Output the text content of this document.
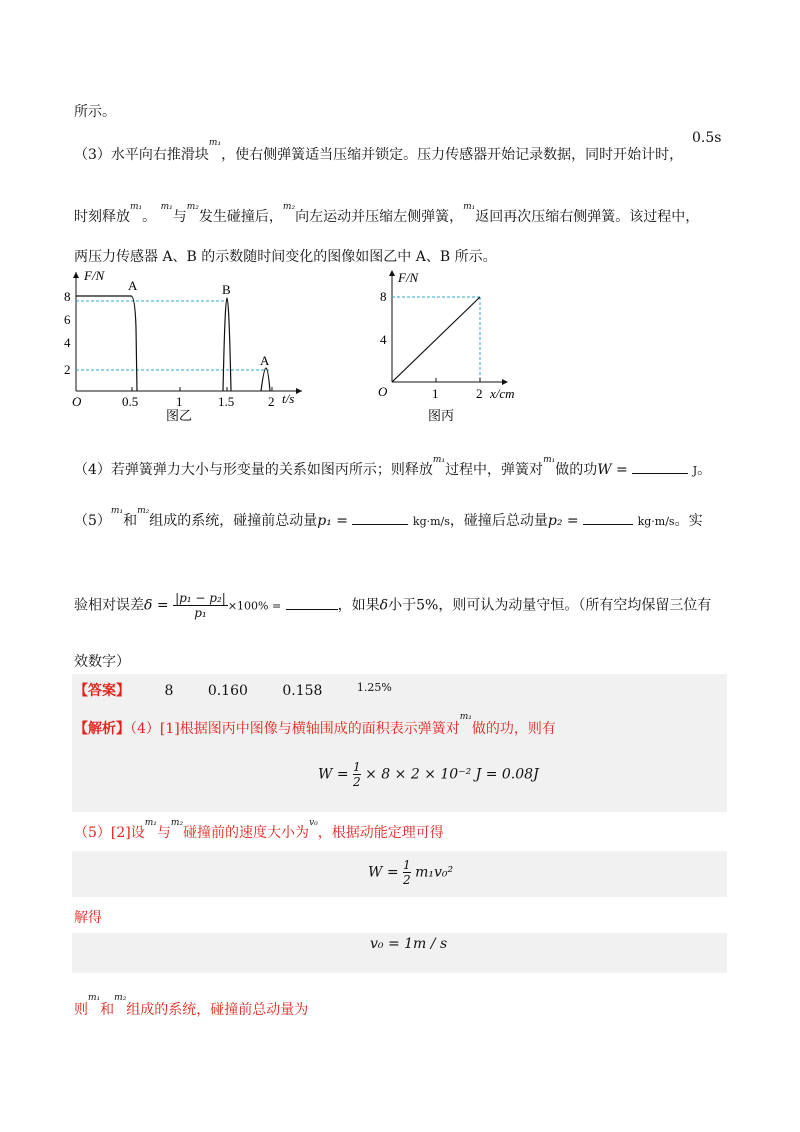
所示。
（3）水平向右推滑块$^{m_1}$，使右侧弹簧适当压缩并锁定。压力传感器开始记录数据，同时开始计时，
0.5s
时刻释放$^{m_1}$。 $^{m_1}$与$^{m_2}$发生碰撞后，$^{m_2}$向左运动并压缩左侧弹簧，$^{m_1}$返回再次压缩右侧弹簧。该过程中，
两压力传感器 A、B 的示数随时间变化的图像如图乙中 A、B 所示。
F/N
2
4
6
8
O	0.5	1	1.5	2 t/s
A	B
A
图乙
F/N
4
8
O	1	2 x/cm
图丙
（4）若弹簧弹力大小与形变量的关系如图丙所示；则释放$^{m_1}$过程中，弹簧对$^{m_1}$做的功W =	J。
$(5)^{m_1}$和$^{m_2}$组成的系统，碰撞前总动量p₁ =	kg·m/s，碰撞后总动量p₂ =	kg·m/s。实
验相对误差$\delta = \frac{\text{|p₁ − p₂|}}{\text{p₁}} \times 100\%$ =	，如果δ小于5%，则可认为动量守恒。（所有空均保留三位有
效数字）
【答案】 8 0.160 0.158	$^{1.25\%}$
【解析】（4）[1]根据图丙中图像与横轴围成的面积表示弹簧对$^{m_1}$做的功，则有
$W = \frac{1}{2} \times 8 \times 2 \times 10^{-2}$ J = 0.08J
（5）[2]设$^{m_1}$与$^{m_2}$碰撞前的速度大小为$^{v_0}$，根据动能定理可得
$W = \frac{1}{2} m_1v_0^2$
解得
v₀ = 1m / s
则$^{m_1}$和$^{m_2}$组成的系统，碰撞前总动量为
